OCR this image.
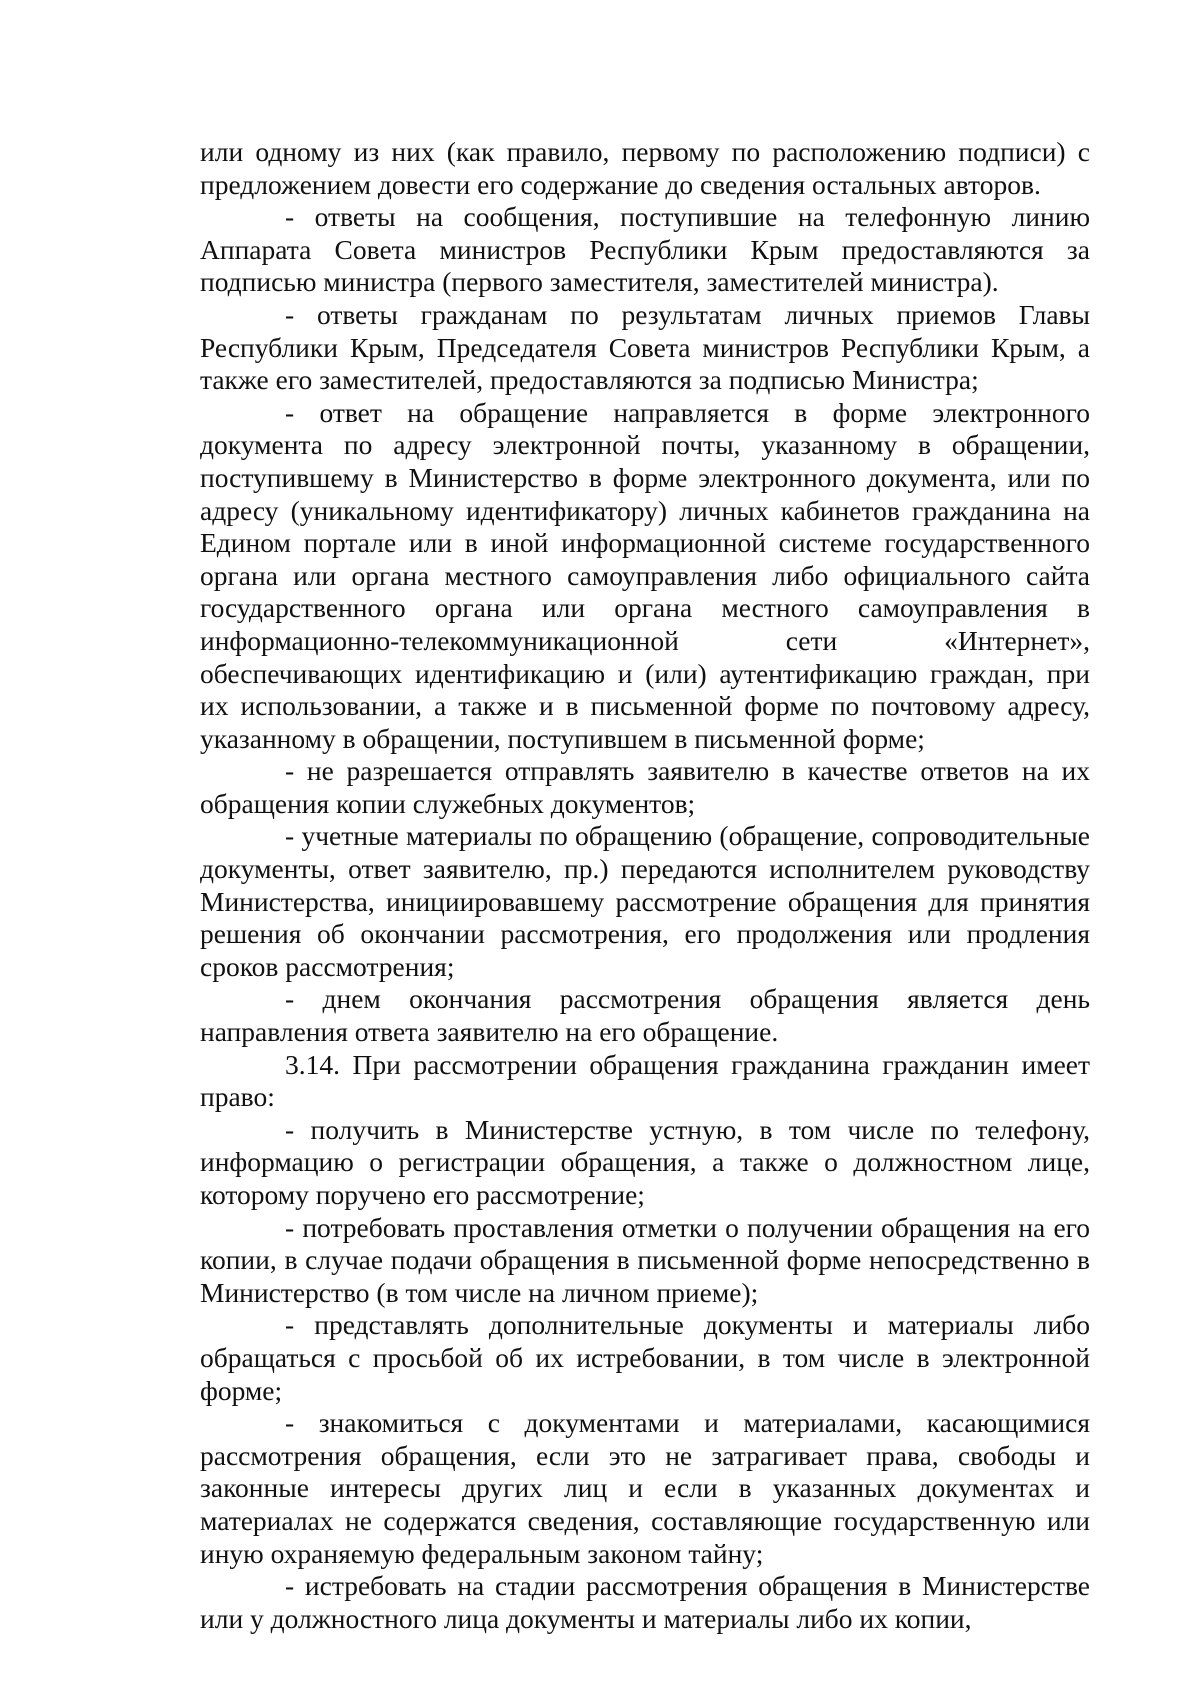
или одному из них (как правило, первому по расположению подписи) с предложением довести его содержание до сведения остальных авторов.

- ответы на сообщения, поступившие на телефонную линию Аппарата Совета министров Республики Крым предоставляются за подписью министра (первого заместителя, заместителей министра).

- ответы гражданам по результатам личных приемов Главы Республики Крым, Председателя Совета министров Республики Крым, а также его заместителей, предоставляются за подписью Министра;

- ответ на обращение направляется в форме электронного документа по адресу электронной почты, указанному в обращении, поступившему в Министерство в форме электронного документа, или по адресу (уникальному идентификатору) личных кабинетов гражданина на Едином портале или в иной информационной системе государственного органа или органа местного самоуправления либо официального сайта государственного органа или органа местного самоуправления в информационно-телекоммуникационной сети «Интернет», обеспечивающих идентификацию и (или) аутентификацию граждан, при их использовании, а также и в письменной форме по почтовому адресу, указанному в обращении, поступившем в письменной форме;

- не разрешается отправлять заявителю в качестве ответов на их обращения копии служебных документов;

- учетные материалы по обращению (обращение, сопроводительные документы, ответ заявителю, пр.) передаются исполнителем руководству Министерства, инициировавшему рассмотрение обращения для принятия решения об окончании рассмотрения, его продолжения или продления сроков рассмотрения;

- днем окончания рассмотрения обращения является день направления ответа заявителю на его обращение.

3.14. При рассмотрении обращения гражданина гражданин имеет право:

- получить в Министерстве устную, в том числе по телефону, информацию о регистрации обращения, а также о должностном лице, которому поручено его рассмотрение;

- потребовать проставления отметки о получении обращения на его копии, в случае подачи обращения в письменной форме непосредственно в Министерство (в том числе на личном приеме);

- представлять дополнительные документы и материалы либо обращаться с просьбой об их истребовании, в том числе в электронной форме;

- знакомиться с документами и материалами, касающимися рассмотрения обращения, если это не затрагивает права, свободы и законные интересы других лиц и если в указанных документах и материалах не содержатся сведения, составляющие государственную или иную охраняемую федеральным законом тайну;

- истребовать на стадии рассмотрения обращения в Министерстве или у должностного лица документы и материалы либо их копии,
